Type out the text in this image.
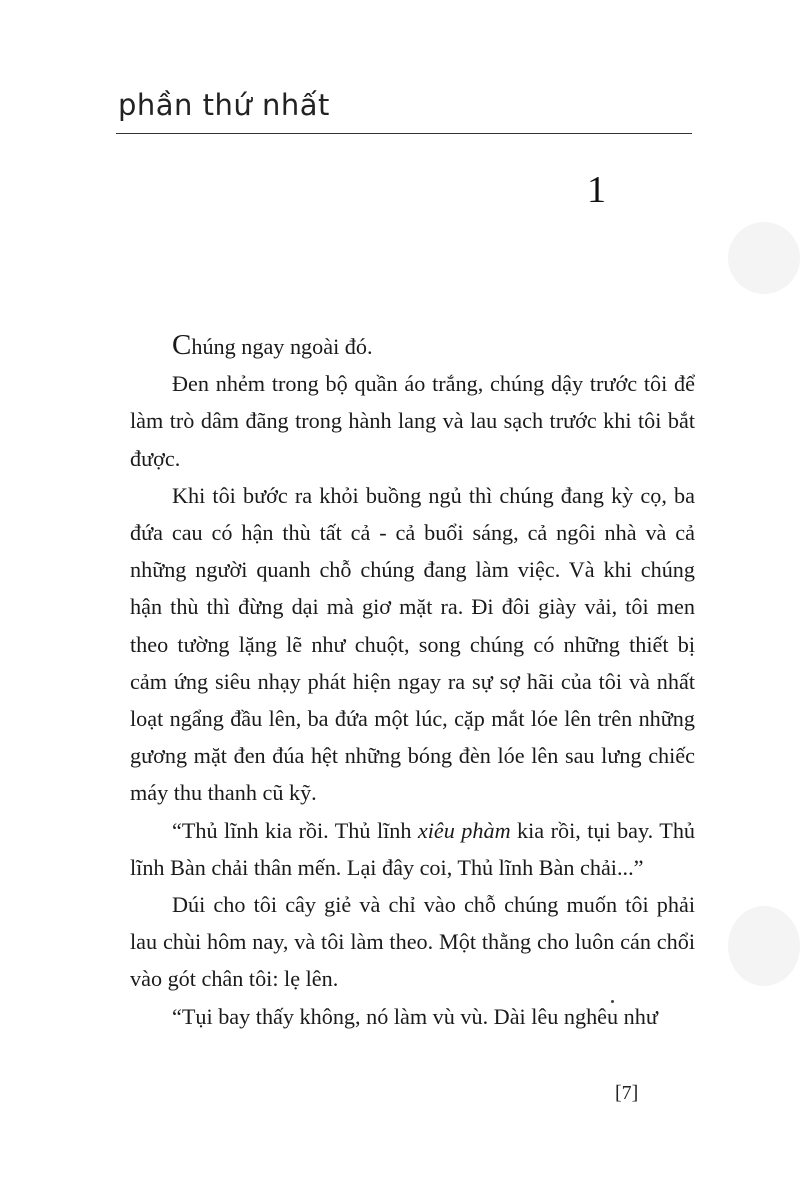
phần thứ nhất
1

Chúng ngay ngoài đó.

Đen nhẻm trong bộ quần áo trắng, chúng dậy trước tôi để làm trò dâm đãng trong hành lang và lau sạch trước khi tôi bắt được.

Khi tôi bước ra khỏi buồng ngủ thì chúng đang kỳ cọ, ba đứa cau có hận thù tất cả - cả buổi sáng, cả ngôi nhà và cả những người quanh chỗ chúng đang làm việc. Và khi chúng hận thù thì đừng dại mà giơ mặt ra. Đi đôi giày vải, tôi men theo tường lặng lẽ như chuột, song chúng có những thiết bị cảm ứng siêu nhạy phát hiện ngay ra sự sợ hãi của tôi và nhất loạt ngẩng đầu lên, ba đứa một lúc, cặp mắt lóe lên trên những gương mặt đen đúa hệt những bóng đèn lóe lên sau lưng chiếc máy thu thanh cũ kỹ.

“Thủ lĩnh kia rồi. Thủ lĩnh xiêu phàm kia rồi, tụi bay. Thủ lĩnh Bàn chải thân mến. Lại đây coi, Thủ lĩnh Bàn chải...”

Dúi cho tôi cây giẻ và chỉ vào chỗ chúng muốn tôi phải lau chùi hôm nay, và tôi làm theo. Một thằng cho luôn cán chổi vào gót chân tôi: lẹ lên.

“Tụi bay thấy không, nó làm vù vù. Dài lêu nghêu như

[7]
